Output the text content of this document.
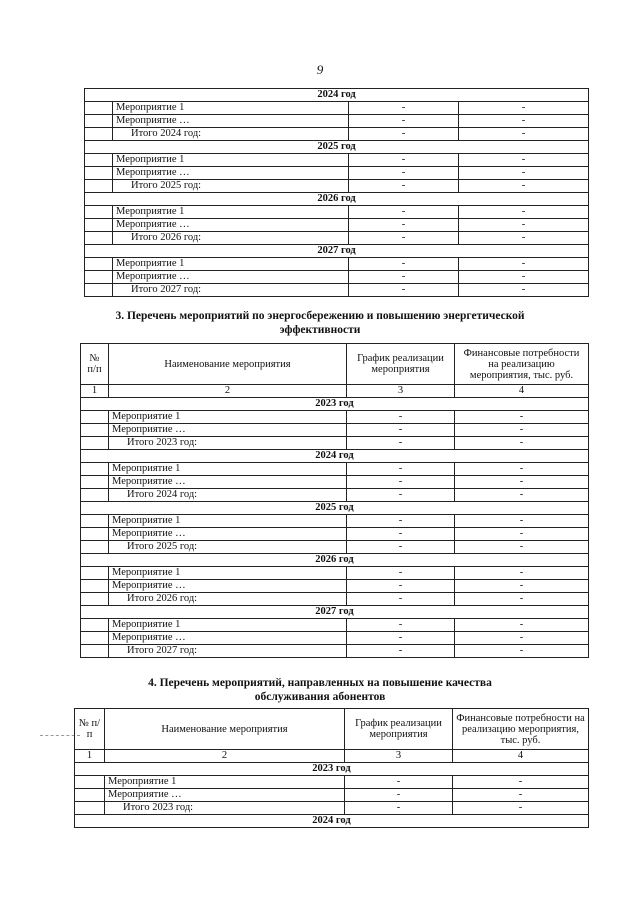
9
2024 год			
	Мероприятие 1	-	-
	Мероприятие …	-	-
	Итого 2024 год:	-	-
2025 год			
	Мероприятие 1	-	-
	Мероприятие …	-	-
	Итого 2025 год:	-	-
2026 год			
	Мероприятие 1	-	-
	Мероприятие …	-	-
	Итого 2026 год:	-	-
2027 год			
	Мероприятие 1	-	-
	Мероприятие …	-	-
	Итого 2027 год:	-	-
3. Перечень мероприятий по энергосбережению и повышению энергетической
эффективности
№ п/п	Наименование мероприятия	График реализации мероприятия	Финансовые потребности на реализацию мероприятия, тыс. руб.
1	2	3	4
2023 год			
	Мероприятие 1	-	-
	Мероприятие …	-	-
	Итого 2023 год:	-	-
2024 год			
	Мероприятие 1	-	-
	Мероприятие …	-	-
	Итого 2024 год:	-	-
2025 год			
	Мероприятие 1	-	-
	Мероприятие …	-	-
	Итого 2025 год:	-	-
2026 год			
	Мероприятие 1	-	-
	Мероприятие …	-	-
	Итого 2026 год:	-	-
2027 год			
	Мероприятие 1	-	-
	Мероприятие …	-	-
	Итого 2027 год:	-	-
4. Перечень мероприятий, направленных на повышение качества
обслуживания абонентов
№ п/п	Наименование мероприятия	График реализации мероприятия	Финансовые потребности на реализацию мероприятия, тыс. руб.
1	2	3	4
2023 год			
	Мероприятие 1	-	-
	Мероприятие …	-	-
	Итого 2023 год:	-	-
2024 год			
